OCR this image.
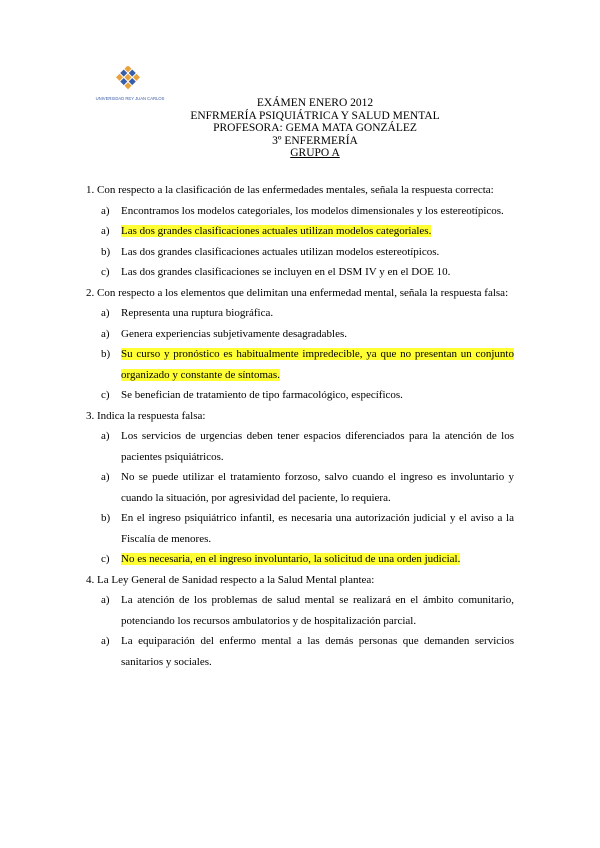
UNIVERSIDAD REY JUAN CARLOS	EXÁMEN ENERO 2012
ENFRMERÍA PSIQUIÁTRICA Y SALUD MENTAL
PROFESORA: GEMA MATA GONZÁLEZ
3º ENFERMERÍA
GRUPO A

1. Con respecto a la clasificación de las enfermedades mentales, señala la respuesta correcta:

a)	Encontramos los modelos categoriales, los modelos dimensionales y los estereotípicos.
a)	Las dos grandes clasificaciones actuales utilizan modelos categoriales.
b) Las dos grandes clasificaciones actuales utilizan modelos estereotípicos.
c)	Las dos grandes clasificaciones se incluyen en el DSM IV y en el DOE 10.

2. Con respecto a los elementos que delimitan una enfermedad mental, señala la respuesta falsa:

a)	Representa una ruptura biográfica.
a)	Genera experiencias subjetivamente desagradables.
b) Su curso y pronóstico es habitualmente impredecible, ya que no presentan un conjunto organizado y constante de síntomas.
c)	Se benefician de tratamiento de tipo farmacológico, específicos.

3. Indica la respuesta falsa:

a)	Los servicios de urgencias deben tener espacios diferenciados para la atención de los pacientes psiquiátricos.
a)	No se puede utilizar el tratamiento forzoso, salvo cuando el ingreso es involuntario y cuando la situación, por agresividad del paciente, lo requiera.
b) En el ingreso psiquiátrico infantil, es necesaria una autorización judicial y el aviso a la Fiscalía de menores.
c)	No es necesaria, en el ingreso involuntario, la solicitud de una orden judicial.

4. La Ley General de Sanidad respecto a la Salud Mental plantea:

a)	La atención de los problemas de salud mental se realizará en el ámbito comunitario, potenciando los recursos ambulatorios y de hospitalización parcial.
a)	La equiparación del enfermo mental a las demás personas que demanden servicios sanitarios y sociales.
